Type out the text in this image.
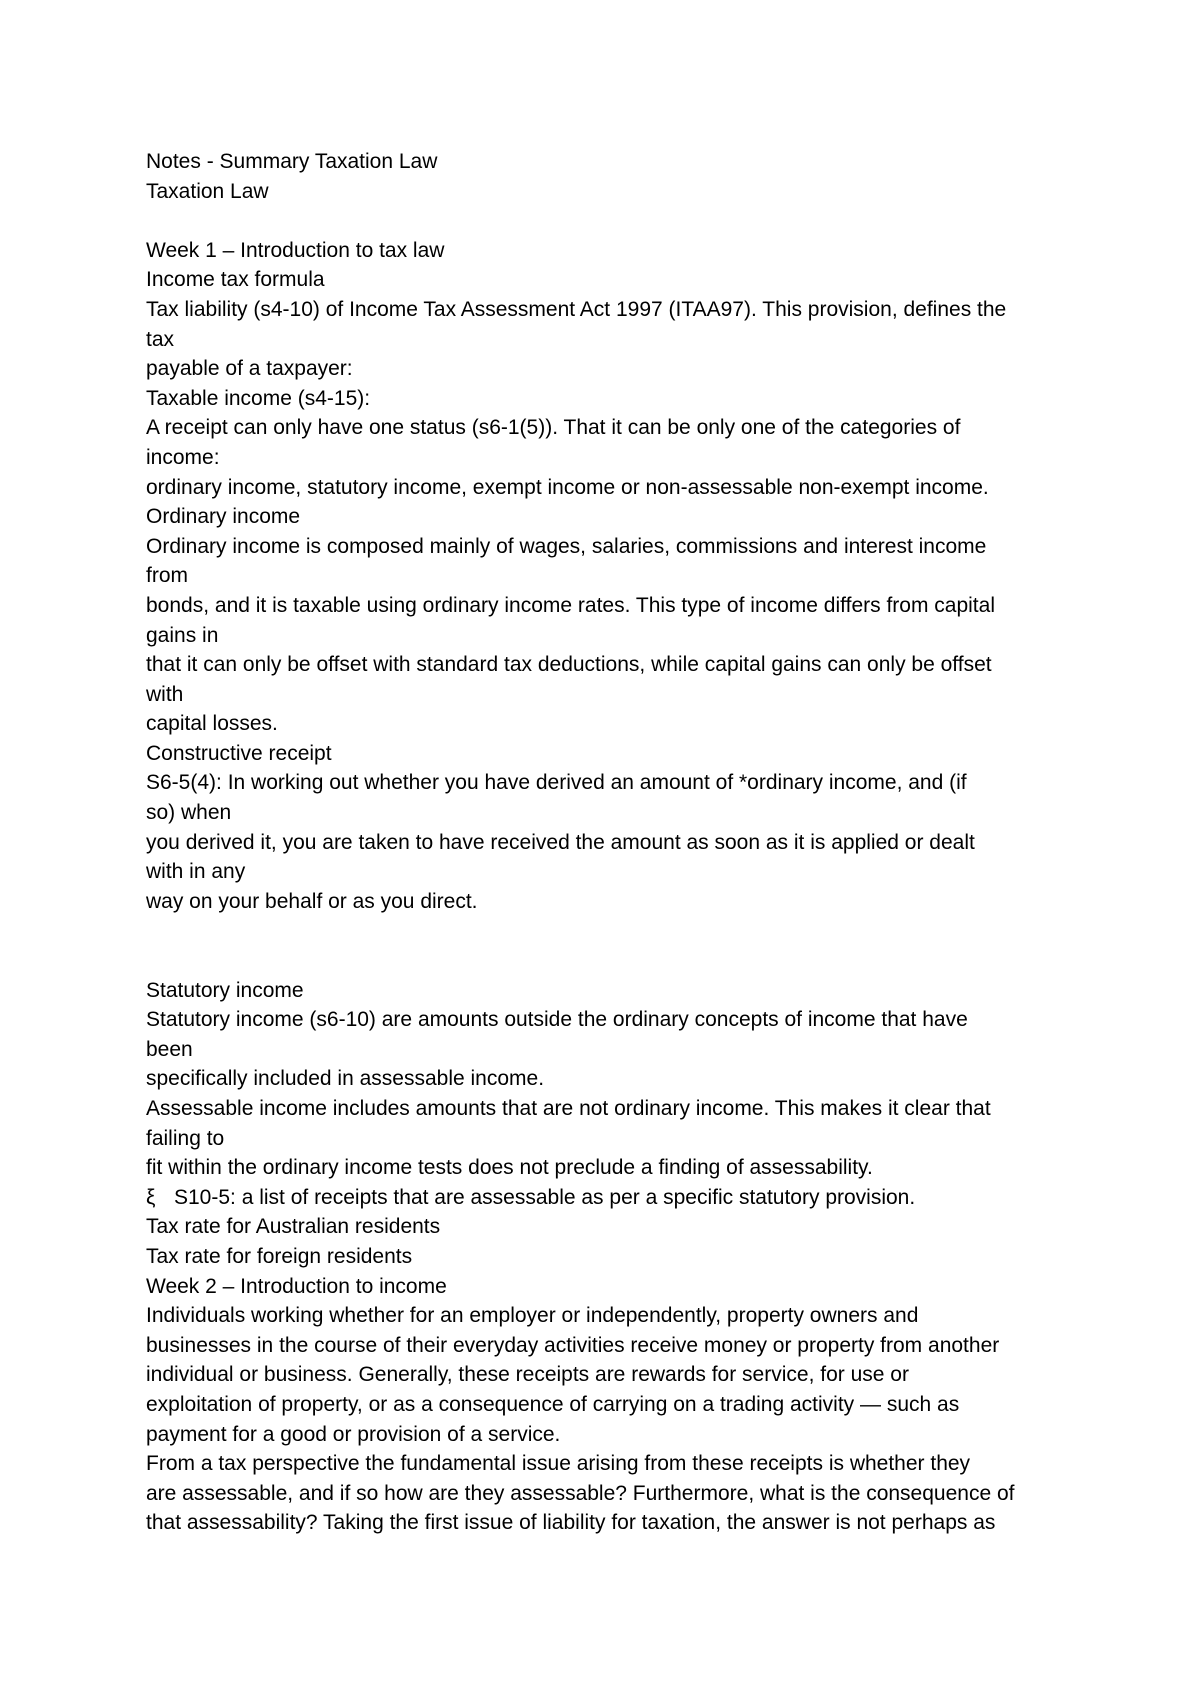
Notes - Summary Taxation Law
Taxation Law
Week 1 – Introduction to tax law
Income tax formula
Tax liability (s4-10) of Income Tax Assessment Act 1997 (ITAA97). This provision, defines the
tax
payable of a taxpayer:
Taxable income (s4-15):
A receipt can only have one status (s6-1(5)). That it can be only one of the categories of
income:
ordinary income, statutory income, exempt income or non-assessable non-exempt income.
Ordinary income
Ordinary income is composed mainly of wages, salaries, commissions and interest income
from
bonds, and it is taxable using ordinary income rates. This type of income differs from capital
gains in
that it can only be offset with standard tax deductions, while capital gains can only be offset
with
capital losses.
Constructive receipt
S6-5(4): In working out whether you have derived an amount of *ordinary income, and (if
so) when
you derived it, you are taken to have received the amount as soon as it is applied or dealt
with in any
way on your behalf or as you direct.
Statutory income
Statutory income (s6-10) are amounts outside the ordinary concepts of income that have
been
specifically included in assessable income.
Assessable income includes amounts that are not ordinary income. This makes it clear that
failing to
fit within the ordinary income tests does not preclude a finding of assessability.
ξ S10-5: a list of receipts that are assessable as per a specific statutory provision.
Tax rate for Australian residents
Tax rate for foreign residents
Week 2 – Introduction to income
Individuals working whether for an employer or independently, property owners and
businesses in the course of their everyday activities receive money or property from another
individual or business. Generally, these receipts are rewards for service, for use or
exploitation of property, or as a consequence of carrying on a trading activity — such as
payment for a good or provision of a service.
From a tax perspective the fundamental issue arising from these receipts is whether they
are assessable, and if so how are they assessable? Furthermore, what is the consequence of
that assessability? Taking the first issue of liability for taxation, the answer is not perhaps as
